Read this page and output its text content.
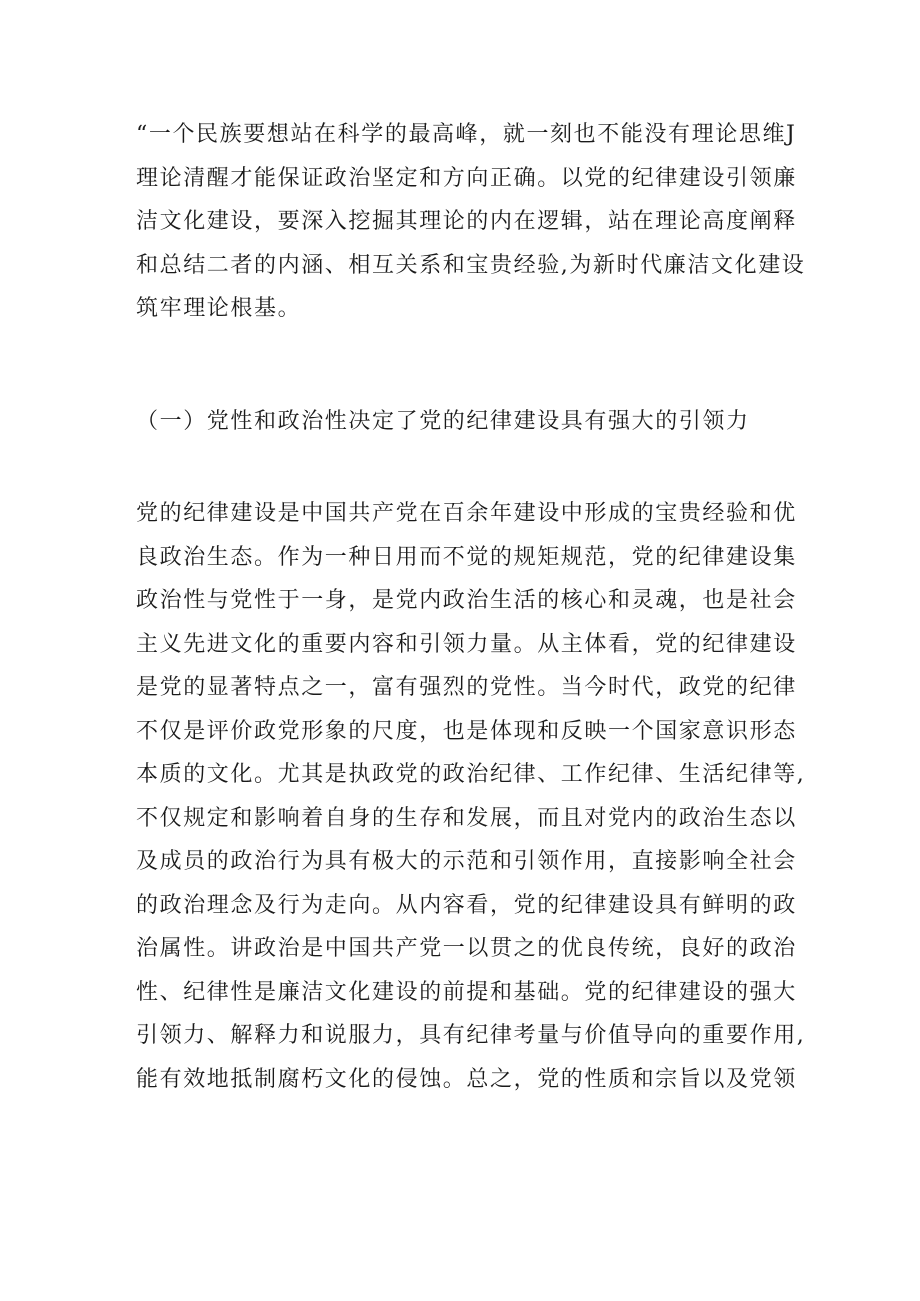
“一个民族要想站在科学的最高峰，就一刻也不能没有理论思维J
理论清醒才能保证政治坚定和方向正确。以党的纪律建设引领廉
洁文化建设，要深入挖掘其理论的内在逻辑，站在理论高度阐释
和总结二者的内涵、相互关系和宝贵经验,为新时代廉洁文化建设
筑牢理论根基。
（一）党性和政治性决定了党的纪律建设具有强大的引领力
党的纪律建设是中国共产党在百余年建设中形成的宝贵经验和优
良政治生态。作为一种日用而不觉的规矩规范，党的纪律建设集
政治性与党性于一身，是党内政治生活的核心和灵魂，也是社会
主义先进文化的重要内容和引领力量。从主体看，党的纪律建设
是党的显著特点之一，富有强烈的党性。当今时代，政党的纪律
不仅是评价政党形象的尺度，也是体现和反映一个国家意识形态
本质的文化。尤其是执政党的政治纪律、工作纪律、生活纪律等,
不仅规定和影响着自身的生存和发展，而且对党内的政治生态以
及成员的政治行为具有极大的示范和引领作用，直接影响全社会
的政治理念及行为走向。从内容看，党的纪律建设具有鲜明的政
治属性。讲政治是中国共产党一以贯之的优良传统，良好的政治
性、纪律性是廉洁文化建设的前提和基础。党的纪律建设的强大
引领力、解释力和说服力，具有纪律考量与价值导向的重要作用,
能有效地抵制腐朽文化的侵蚀。总之，党的性质和宗旨以及党领
